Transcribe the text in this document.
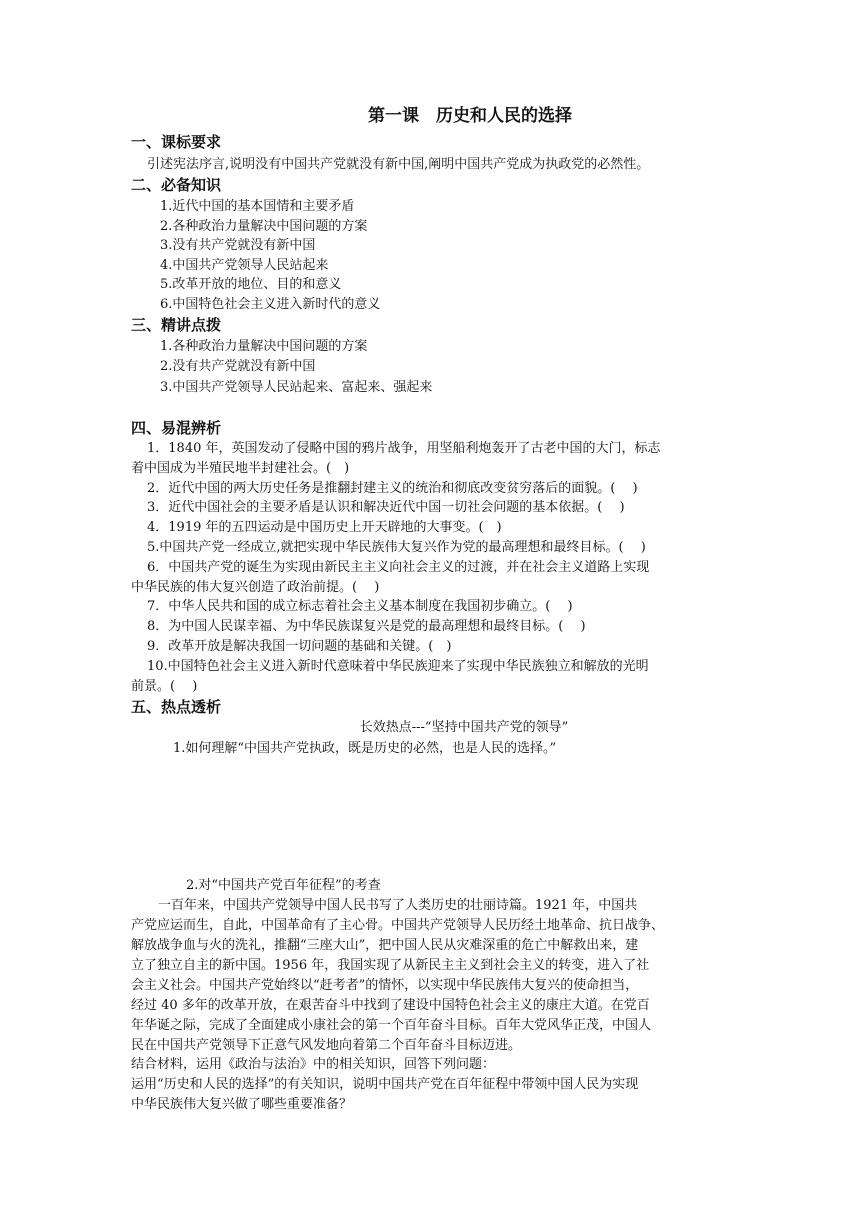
第一课　历史和人民的选择
一、课标要求
引述宪法序言,说明没有中国共产党就没有新中国,阐明中国共产党成为执政党的必然性。
二、必备知识
1.近代中国的基本国情和主要矛盾
2.各种政治力量解决中国问题的方案
3.没有共产党就没有新中国
4.中国共产党领导人民站起来
5.改革开放的地位、目的和意义
6.中国特色社会主义进入新时代的意义
三、精讲点拨
1.各种政治力量解决中国问题的方案
2.没有共产党就没有新中国
3.中国共产党领导人民站起来、富起来、强起来
四、易混辨析
1．1840 年，英国发动了侵略中国的鸦片战争，用坚船利炮轰开了古老中国的大门，标志
着中国成为半殖民地半封建社会。(　)
2．近代中国的两大历史任务是推翻封建主义的统治和彻底改变贫穷落后的面貌。(　 )
3．近代中国社会的主要矛盾是认识和解决近代中国一切社会问题的基本依据。(　 )
4．1919 年的五四运动是中国历史上开天辟地的大事变。(　)
5.中国共产党一经成立,就把实现中华民族伟大复兴作为党的最高理想和最终目标。(　 )
6．中国共产党的诞生为实现由新民主主义向社会主义的过渡，并在社会主义道路上实现
中华民族的伟大复兴创造了政治前提。(　 )
7．中华人民共和国的成立标志着社会主义基本制度在我国初步确立。(　 )
8．为中国人民谋幸福、为中华民族谋复兴是党的最高理想和最终目标。(　 )
9．改革开放是解决我国一切问题的基础和关键。(　)
10.中国特色社会主义进入新时代意味着中华民族迎来了实现中华民族独立和解放的光明
前景。(　 )
五、热点透析
长效热点---“坚持中国共产党的领导”
1.如何理解“中国共产党执政，既是历史的必然，也是人民的选择。”
2.对“中国共产党百年征程”的考查
一百年来，中国共产党领导中国人民书写了人类历史的壮丽诗篇。1921 年，中国共
产党应运而生，自此，中国革命有了主心骨。中国共产党领导人民历经土地革命、抗日战争、
解放战争血与火的洗礼，推翻“三座大山”，把中国人民从灾难深重的危亡中解救出来，建
立了独立自主的新中国。1956 年，我国实现了从新民主主义到社会主义的转变，进入了社
会主义社会。中国共产党始终以“赶考者”的情怀，以实现中华民族伟大复兴的使命担当，
经过 40 多年的改革开放，在艰苦奋斗中找到了建设中国特色社会主义的康庄大道。在党百
年华诞之际，完成了全面建成小康社会的第一个百年奋斗目标。百年大党风华正茂，中国人
民在中国共产党领导下正意气风发地向着第二个百年奋斗目标迈进。
结合材料，运用《政治与法治》中的相关知识，回答下列问题：
运用“历史和人民的选择”的有关知识，说明中国共产党在百年征程中带领中国人民为实现
中华民族伟大复兴做了哪些重要准备？
